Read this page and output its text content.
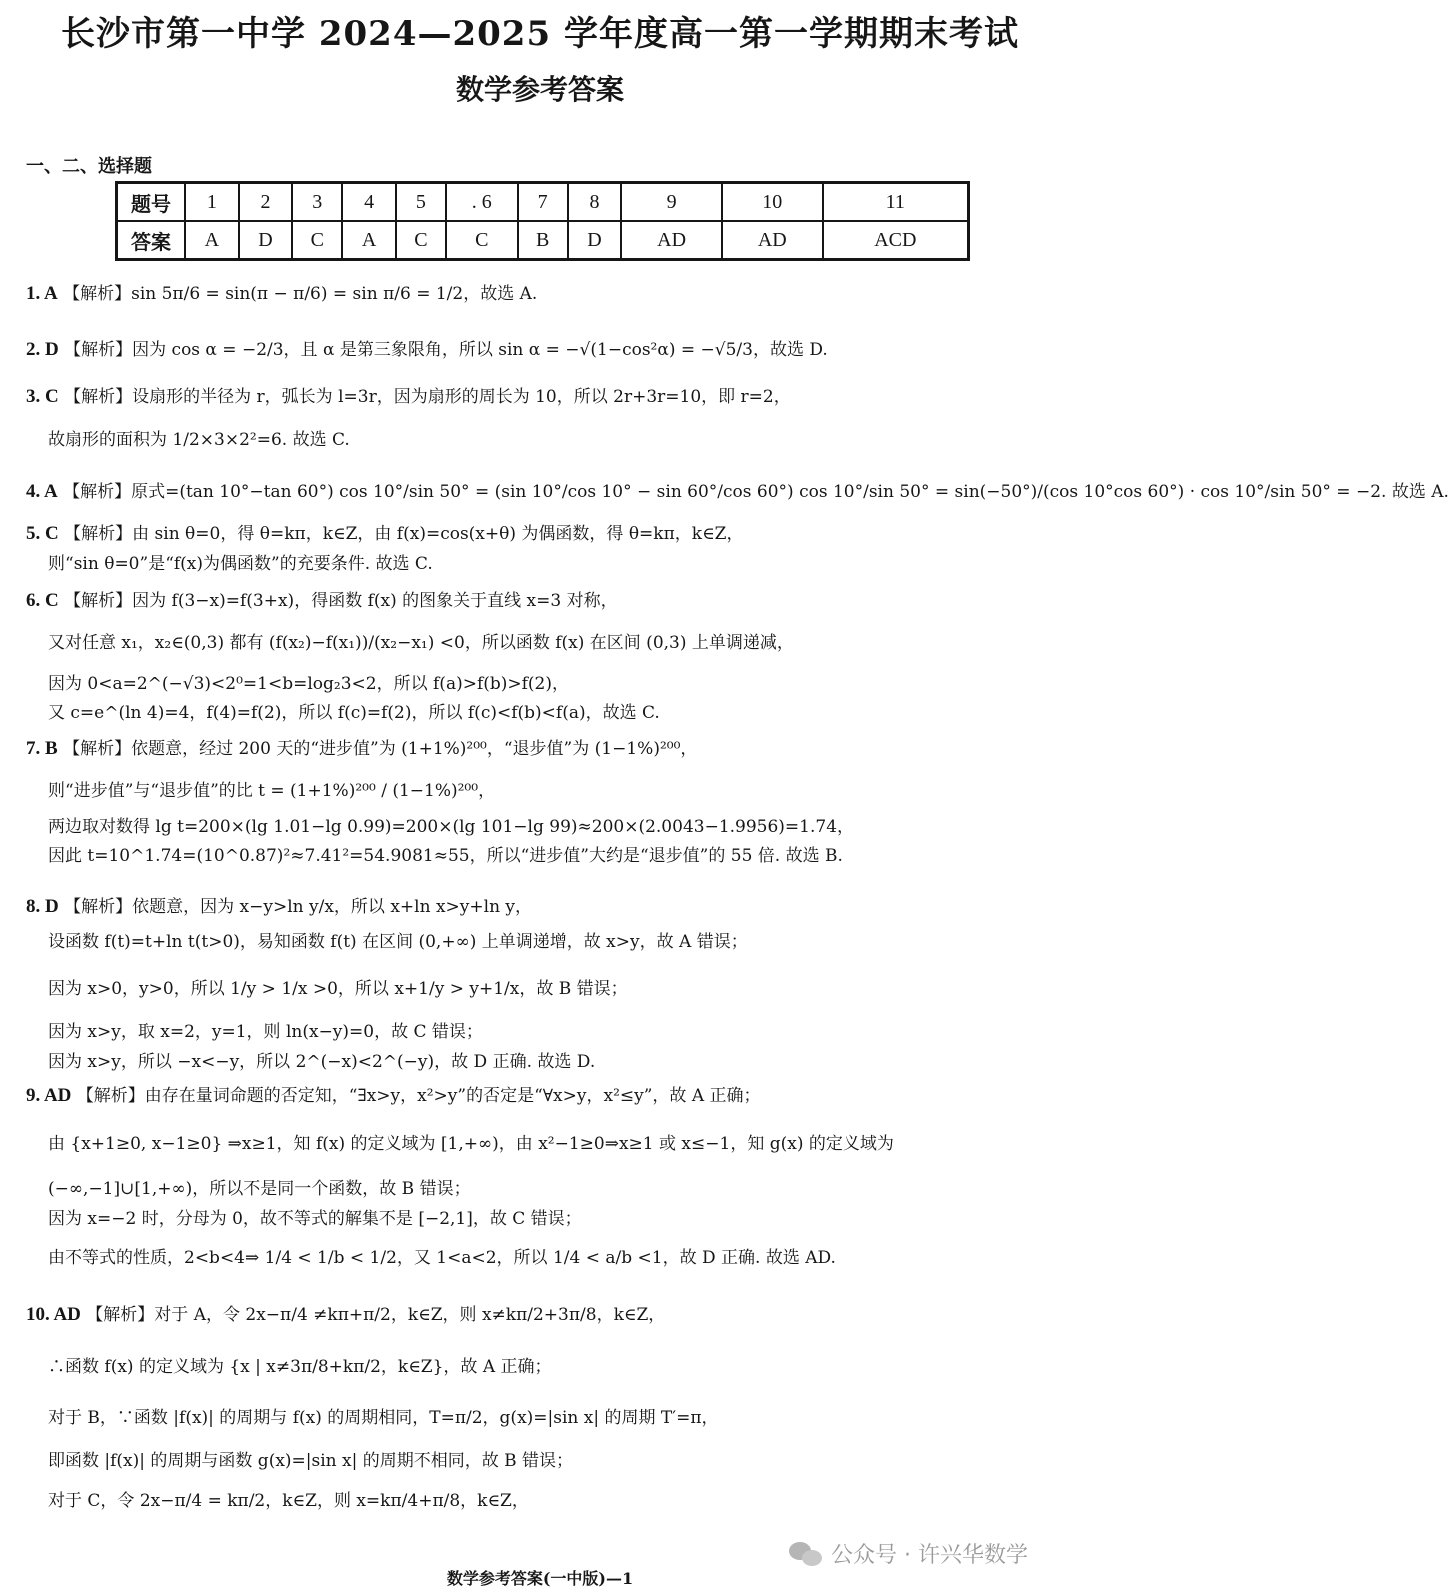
长沙市第一中学 2024—2025 学年度高一第一学期期末考试
数学参考答案
一、二、选择题
题号	1	2	3	4	5	. 6	7	8	9	10	11
答案	A	D	C	A	C	C	B	D	AD	AD	ACD
1. A 【解析】sin 5π/6 = sin(π − π/6) = sin π/6 = 1/2，故选 A.
2. D 【解析】因为 cos α = −2/3，且 α 是第三象限角，所以 sin α = −√(1−cos²α) = −√5/3，故选 D.
3. C 【解析】设扇形的半径为 r，弧长为 l=3r，因为扇形的周长为 10，所以 2r+3r=10，即 r=2，
故扇形的面积为 1/2×3×2²=6. 故选 C.
4. A 【解析】原式=(tan 10°−tan 60°) cos 10°/sin 50° = (sin 10°/cos 10° − sin 60°/cos 60°) cos 10°/sin 50° = sin(−50°)/(cos 10°cos 60°) · cos 10°/sin 50° = −2. 故选 A.
5. C 【解析】由 sin θ=0，得 θ=kπ，k∈Z，由 f(x)=cos(x+θ) 为偶函数，得 θ=kπ，k∈Z，
则“sin θ=0”是“f(x)为偶函数”的充要条件. 故选 C.
6. C 【解析】因为 f(3−x)=f(3+x)，得函数 f(x) 的图象关于直线 x=3 对称，
又对任意 x₁，x₂∈(0,3) 都有 (f(x₂)−f(x₁))/(x₂−x₁) <0，所以函数 f(x) 在区间 (0,3) 上单调递减，
因为 0<a=2^(−√3)<2⁰=1<b=log₂3<2，所以 f(a)>f(b)>f(2)，
又 c=e^(ln 4)=4，f(4)=f(2)，所以 f(c)=f(2)，所以 f(c)<f(b)<f(a)，故选 C.
7. B 【解析】依题意，经过 200 天的“进步值”为 (1+1%)²⁰⁰，“退步值”为 (1−1%)²⁰⁰，
则“进步值”与“退步值”的比 t = (1+1%)²⁰⁰ / (1−1%)²⁰⁰，
两边取对数得 lg t=200×(lg 1.01−lg 0.99)=200×(lg 101−lg 99)≈200×(2.0043−1.9956)=1.74，
因此 t=10^1.74=(10^0.87)²≈7.41²=54.9081≈55，所以“进步值”大约是“退步值”的 55 倍. 故选 B.
8. D 【解析】依题意，因为 x−y>ln y/x，所以 x+ln x>y+ln y，
设函数 f(t)=t+ln t(t>0)，易知函数 f(t) 在区间 (0,+∞) 上单调递增，故 x>y，故 A 错误；
因为 x>0，y>0，所以 1/y > 1/x >0，所以 x+1/y > y+1/x，故 B 错误；
因为 x>y，取 x=2，y=1，则 ln(x−y)=0，故 C 错误；
因为 x>y，所以 −x<−y，所以 2^(−x)<2^(−y)，故 D 正确. 故选 D.
9. AD 【解析】由存在量词命题的否定知，“∃x>y，x²>y”的否定是“∀x>y，x²≤y”，故 A 正确；
由 {x+1≥0, x−1≥0} ⇒x≥1，知 f(x) 的定义域为 [1,+∞)，由 x²−1≥0⇒x≥1 或 x≤−1，知 g(x) 的定义域为
(−∞,−1]∪[1,+∞)，所以不是同一个函数，故 B 错误；
因为 x=−2 时，分母为 0，故不等式的解集不是 [−2,1]，故 C 错误；
由不等式的性质，2<b<4⇒ 1/4 < 1/b < 1/2，又 1<a<2，所以 1/4 < a/b <1，故 D 正确. 故选 AD.
10. AD 【解析】对于 A，令 2x−π/4 ≠kπ+π/2，k∈Z，则 x≠kπ/2+3π/8，k∈Z，
∴函数 f(x) 的定义域为 {x | x≠3π/8+kπ/2，k∈Z}，故 A 正确；
对于 B，∵函数 |f(x)| 的周期与 f(x) 的周期相同，T=π/2，g(x)=|sin x| 的周期 T′=π，
即函数 |f(x)| 的周期与函数 g(x)=|sin x| 的周期不相同，故 B 错误；
对于 C，令 2x−π/4 = kπ/2，k∈Z，则 x=kπ/4+π/8，k∈Z，
公众号 · 许兴华数学
数学参考答案(一中版)—1
